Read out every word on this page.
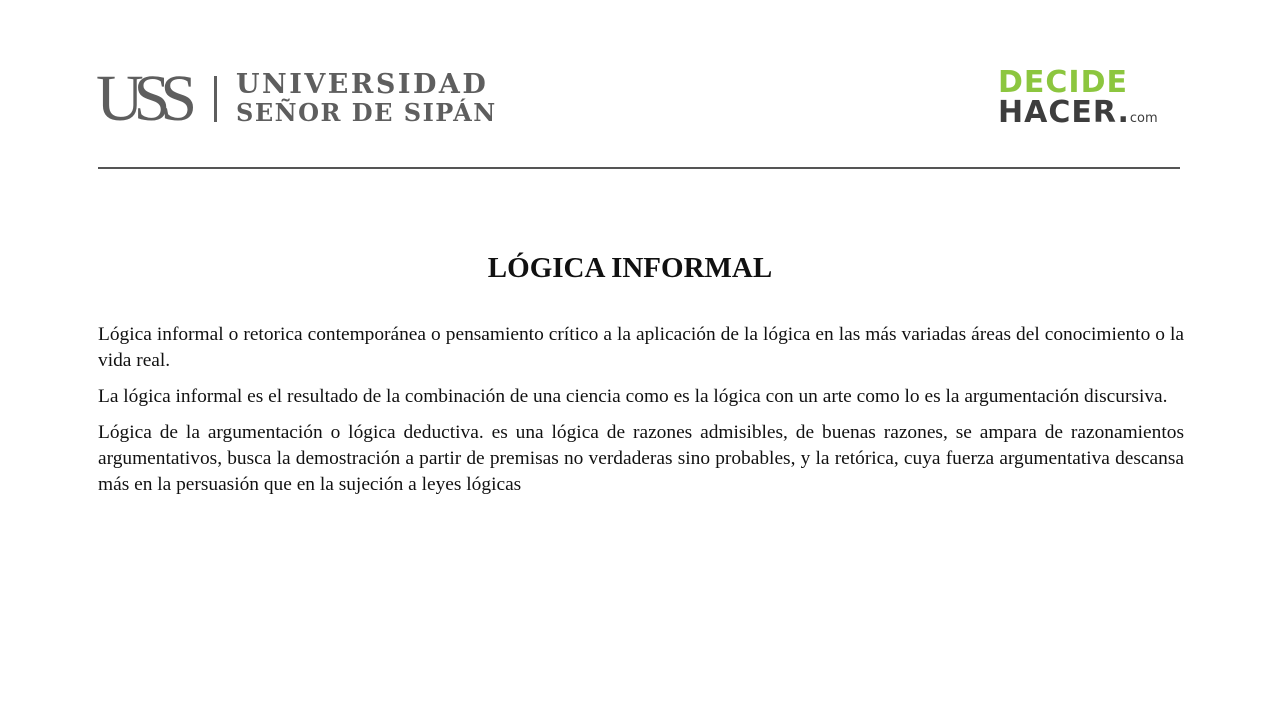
USS	UNIVERSIDAD
SEÑOR DE SIPÁN
DECIDE
HACER.com
LÓGICA INFORMAL

Lógica informal o retorica contemporánea o pensamiento crítico a la aplicación de la lógica en las más variadas áreas del conocimiento o la vida real.

La lógica informal es el resultado de la combinación de una ciencia como es la lógica con un arte como lo es la argumentación discursiva.

Lógica de la argumentación o lógica deductiva. es una lógica de razones admisibles, de buenas razones, se ampara de razonamientos argumentativos, busca la demostración a partir de premisas no verdaderas sino probables, y la retórica, cuya fuerza argumentativa descansa más en la persuasión que en la sujeción a leyes lógicas
